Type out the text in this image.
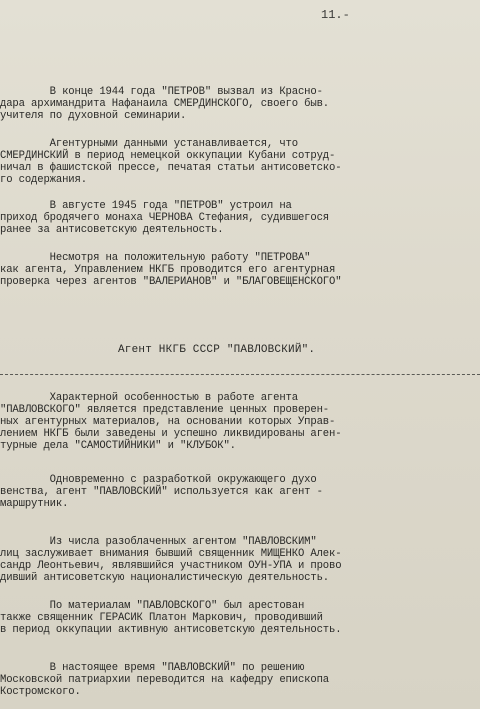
11.-

В конце 1944 года "ПЕТРОВ" вызвал из Красно-

дара архимандрита Нафанаила СМЕРДИНСКОГО, своего быв.

учителя по духовной семинарии.

Агентурными данными устанавливается, что

СМЕРДИНСКИЙ в период немецкой оккупации Кубани сотруд-

ничал в фашистской прессе, печатая статьи антисоветско-

го содержания.

В августе 1945 года "ПЕТРОВ" устроил на

приход бродячего монаха ЧЕРНОВА Стефания, судившегося

ранее за антисоветскую деятельность.

Несмотря на положительную работу "ПЕТРОВА"

как агента, Управлением НКГБ проводится его агентурная

проверка через агентов "ВАЛЕРИАНОВ" и "БЛАГОВЕЩЕНСКОГО"

Агент НКГБ СССР "ПАВЛОВСКИЙ".

Характерной особенностью в работе агента

"ПАВЛОВСКОГО" является представление ценных проверен-

ных агентурных материалов, на основании которых Управ-

лением НКГБ были заведены и успешно ликвидированы аген-

турные дела "САМОСТИЙНИКИ" и "КЛУБОК".

Одновременно с разработкой окружающего духо

венства, агент "ПАВЛОВСКИЙ" используется как агент -

маршрутник.

Из числа разоблаченных агентом "ПАВЛОВСКИМ"

лиц заслуживает внимания бывший священник МИЩЕНКО Алек-

сандр Леонтьевич, являвшийся участником ОУН-УПА и прово

дивший антисоветскую националистическую деятельность.

По материалам "ПАВЛОВСКОГО" был арестован

также священник ГЕРАСИК Платон Маркович, проводивший

в период оккупации активную антисоветскую деятельность.

В настоящее время "ПАВЛОВСКИЙ" по решению

Московской патриархии переводится на кафедру епископа

Костромского.
